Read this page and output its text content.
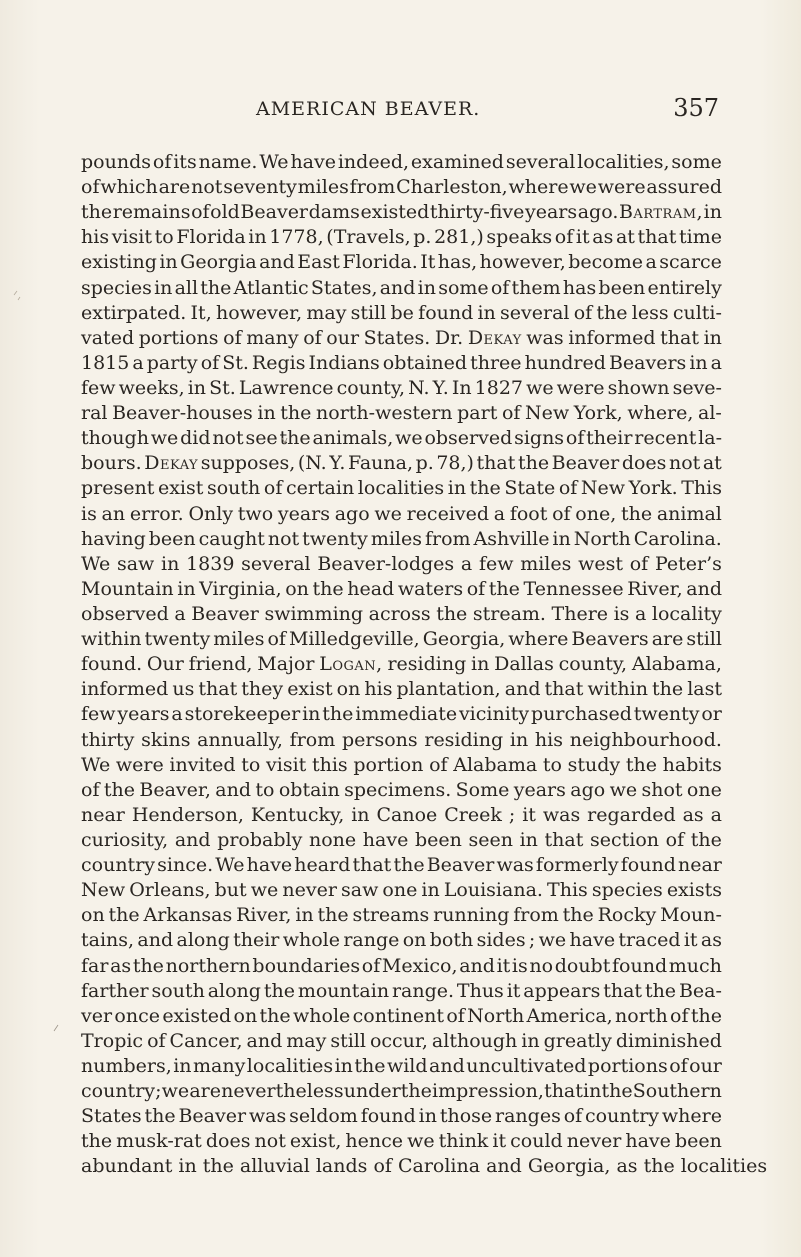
AMERICAN BEAVER.	357
pounds of its name. We have indeed, examined several localities, some
of which are not seventy miles from Charleston, where we were assured
the remains of old Beaver dams existed thirty-five years ago. Bartram, in
his visit to Florida in 1778, (Travels, p. 281,) speaks of it as at that time
existing in Georgia and East Florida. It has, however, become a scarce
species in all the Atlantic States, and in some of them has been entirely
extirpated. It, however, may still be found in several of the less culti-
vated portions of many of our States. Dr. Dekay was informed that in
1815 a party of St. Regis Indians obtained three hundred Beavers in a
few weeks, in St. Lawrence county, N. Y. In 1827 we were shown seve-
ral Beaver-houses in the north-western part of New York, where, al-
though we did not see the animals, we observed signs of their recent la-
bours. Dekay supposes, (N. Y. Fauna, p. 78,) that the Beaver does not at
present exist south of certain localities in the State of New York. This
is an error. Only two years ago we received a foot of one, the animal
having been caught not twenty miles from Ashville in North Carolina.
We saw in 1839 several Beaver-lodges a few miles west of Peter’s
Mountain in Virginia, on the head waters of the Tennessee River, and
observed a Beaver swimming across the stream. There is a locality
within twenty miles of Milledgeville, Georgia, where Beavers are still
found. Our friend, Major Logan, residing in Dallas county, Alabama,
informed us that they exist on his plantation, and that within the last
few years a storekeeper in the immediate vicinity purchased twenty or
thirty skins annually, from persons residing in his neighbourhood.
We were invited to visit this portion of Alabama to study the habits
of the Beaver, and to obtain specimens. Some years ago we shot one
near Henderson, Kentucky, in Canoe Creek ; it was regarded as a
curiosity, and probably none have been seen in that section of the
country since. We have heard that the Beaver was formerly found near
New Orleans, but we never saw one in Louisiana. This species exists
on the Arkansas River, in the streams running from the Rocky Moun-
tains, and along their whole range on both sides ; we have traced it as
far as the northern boundaries of Mexico, and it is no doubt found much
farther south along the mountain range. Thus it appears that the Bea-
ver once existed on the whole continent of North America, north of the
Tropic of Cancer, and may still occur, although in greatly diminished
numbers, in many localities in the wild and uncultivated portions of our
country ; we are nevertheless under the impression, that in the Southern
States the Beaver was seldom found in those ranges of country where
the musk-rat does not exist, hence we think it could never have been
abundant in the alluvial lands of Carolina and Georgia, as the localities
